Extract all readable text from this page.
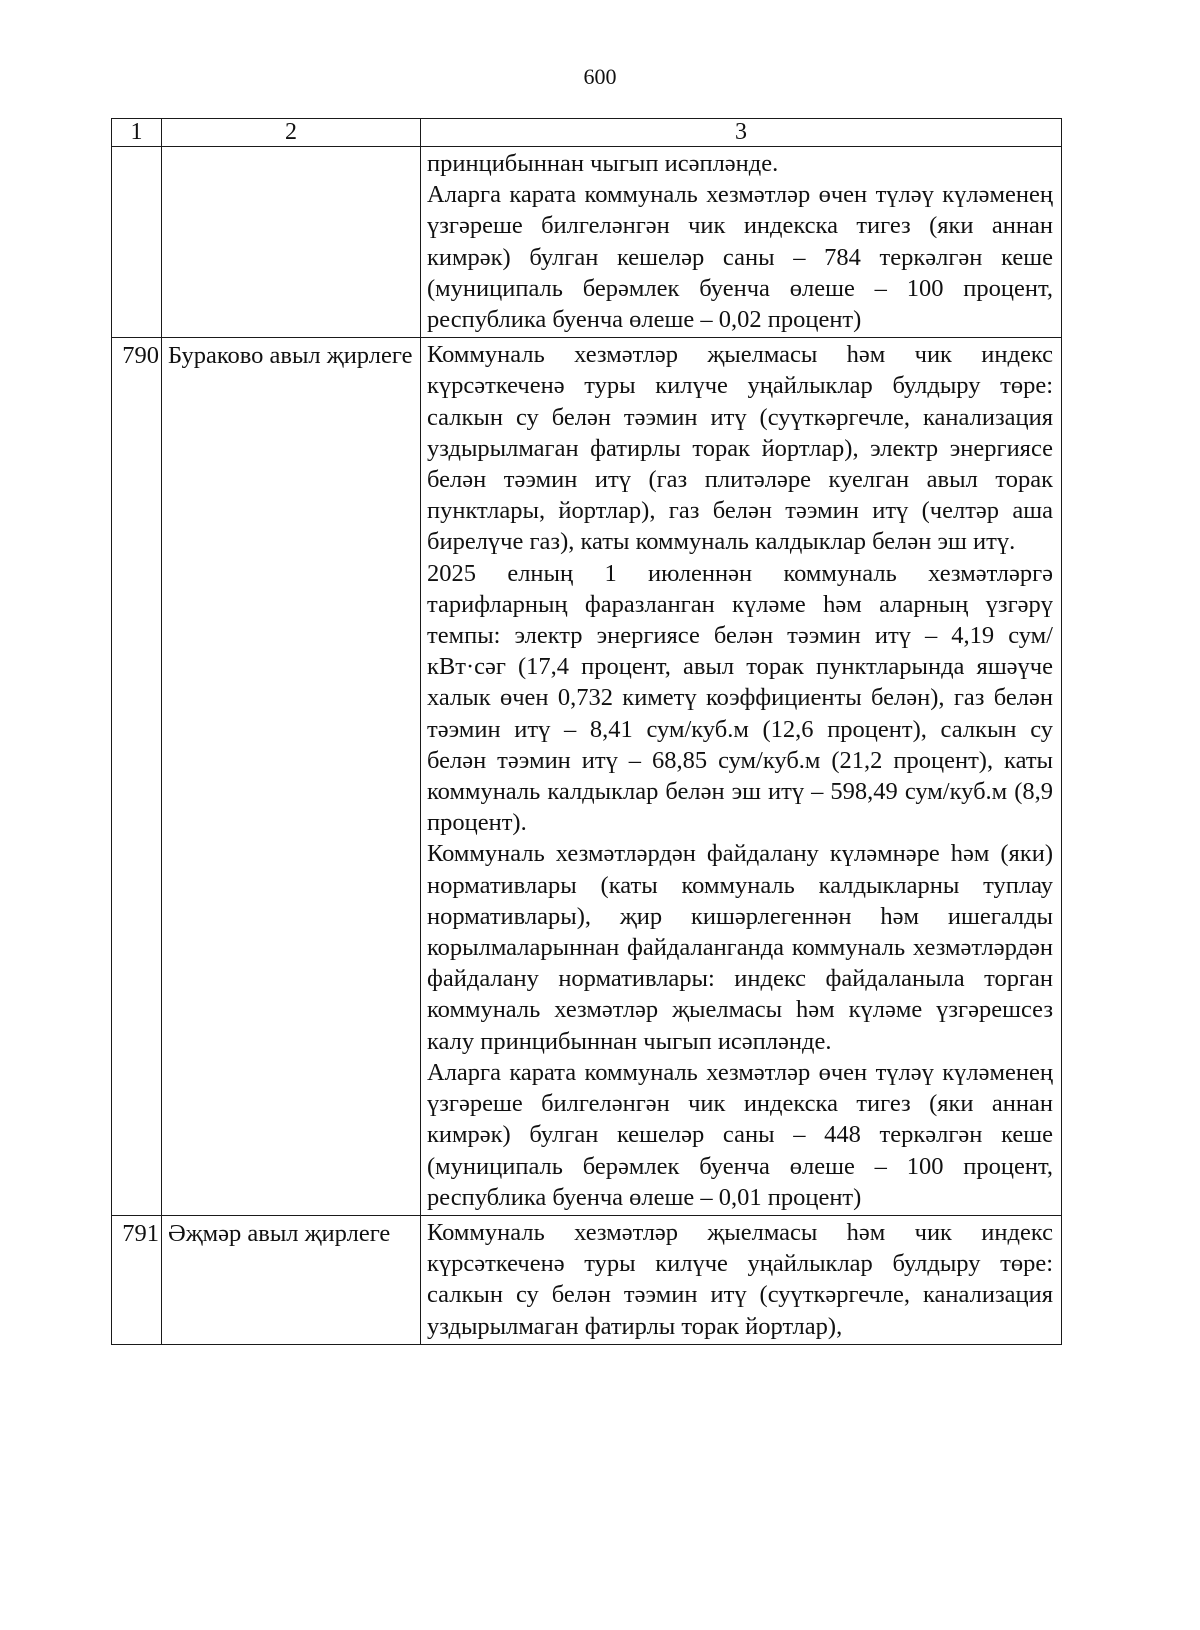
600
1	2	3

		принцибыннан чыгып исәпләнде.

Аларга карата коммуналь хезмәтләр өчен түләү күләменең үзгәреше билгеләнгән чик индекска тигез (яки аннан кимрәк) булган кешеләр саны – 784 теркәлгән кеше (муниципаль берәмлек буенча өлеше – 100 процент, республика буенча өлеше – 0,02 процент)

790	Бураково авыл җирлеге	Коммуналь хезмәтләр җыелмасы һәм чик индекс күрсәткеченә туры килүче уңайлыклар булдыру төре: салкын су белән тәэмин итү (суүткәргечле, канализация уздырылмаган фатирлы торак йортлар), электр энергиясе белән тәэмин итү (газ плитәләре куелган авыл торак пунктлары, йортлар), газ белән тәэмин итү (челтәр аша бирелүче газ), каты коммуналь калдыклар белән эш итү.

2025 елның 1 июленнән коммуналь хезмәтләргә тарифларның фаразланган күләме һәм аларның үзгәрү темпы: электр энергиясе белән тәэмин итү – 4,19 сум/кВт·сәг (17,4 процент, авыл торак пунктларында яшәүче халык өчен 0,732 киметү коэффициенты белән), газ белән тәэмин итү – 8,41 сум/куб.м (12,6 процент), салкын су белән тәэмин итү – 68,85 сум/куб.м (21,2 процент), каты коммуналь калдыклар белән эш итү – 598,49 сум/куб.м (8,9 процент).

Коммуналь хезмәтләрдән файдалану күләмнәре һәм (яки) нормативлары (каты коммуналь калдыкларны туплау нормативлары), җир кишәрлегеннән һәм ишегалды корылмаларыннан файдаланганда коммуналь хезмәтләрдән файдалану нормативлары: индекс файдаланыла торган коммуналь хезмәтләр җыелмасы һәм күләме үзгәрешсез калу принцибыннан чыгып исәпләнде.

Аларга карата коммуналь хезмәтләр өчен түләү күләменең үзгәреше билгеләнгән чик индекска тигез (яки аннан кимрәк) булган кешеләр саны – 448 теркәлгән кеше (муниципаль берәмлек буенча өлеше – 100 процент, республика буенча өлеше – 0,01 процент)

791	Әҗмәр авыл җирлеге	Коммуналь хезмәтләр җыелмасы һәм чик индекс күрсәткеченә туры килүче уңайлыклар булдыру төре: салкын су белән тәэмин итү (суүткәргечле, канализация уздырылмаган фатирлы торак йортлар),
